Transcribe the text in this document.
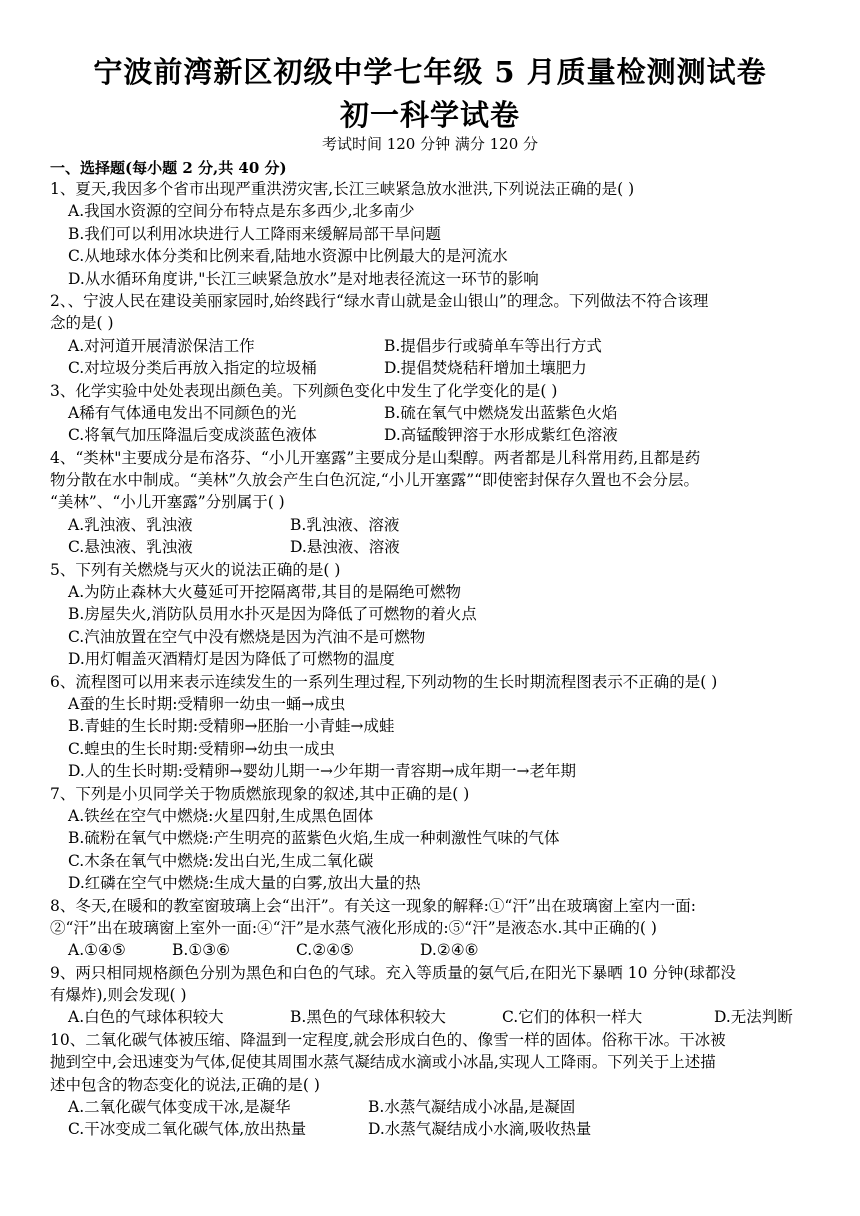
宁波前湾新区初级中学七年级 5 月质量检测测试卷
初一科学试卷
考试时间 120 分钟 满分 120 分
一、选择题(每小题 2 分,共 40 分)
1、夏天,我因多个省市出现严重洪涝灾害,长江三峡紧急放水泄洪,下列说法正确的是( )
A.我国水资源的空间分布特点是东多西少,北多南少
B.我们可以利用冰块进行人工降雨来缓解局部干旱问题
C.从地球水体分类和比例来看,陆地水资源中比例最大的是河流水
D.从水循环角度讲,"长江三峡紧急放水”是对地表径流这一环节的影响
2、、宁波人民在建设美丽家园时,始终践行“绿水青山就是金山银山”的理念。下列做法不符合该理
念的是( )
A.对河道开展清淤保洁工作	B.提倡步行或骑单车等出行方式
C.对垃圾分类后再放入指定的垃圾桶	D.提倡焚烧秸秆增加土壤肥力
3、化学实验中处处表现出颜色美。下列颜色变化中发生了化学变化的是( )
A稀有气体通电发出不同颜色的光	B.硫在氧气中燃烧发出蓝紫色火焰
C.将氧气加压降温后变成淡蓝色液体	D.高锰酸钾溶于水形成紫红色溶液
4、“类林"主要成分是布洛芬、“小儿开塞露”主要成分是山梨醇。两者都是儿科常用药,且都是药
物分散在水中制成。“美林”久放会产生白色沉淀,“小儿开塞露”“即使密封保存久置也不会分层。
“美林”、“小儿开塞露”分别属于( )
A.乳浊液、乳浊液	B.乳浊液、溶液
C.悬浊液、乳浊液	D.悬浊液、溶液
5、下列有关燃烧与灭火的说法正确的是( )
A.为防止森林大火蔓延可开挖隔离带,其目的是隔绝可燃物
B.房屋失火,消防队员用水扑灭是因为降低了可燃物的着火点
C.汽油放置在空气中没有燃烧是因为汽油不是可燃物
D.用灯帽盖灭酒精灯是因为降低了可燃物的温度
6、流程图可以用来表示连续发生的一系列生理过程,下列动物的生长时期流程图表示不正确的是( )
A蚕的生长时期:受精卵一幼虫一蛹→成虫
B.青蛙的生长时期:受精卵→胚胎一小青蛙→成蛙
C.蝗虫的生长时期:受精卵→幼虫一成虫
D.人的生长时期:受精卵→婴幼儿期一→少年期一青容期→成年期一→老年期
7、下列是小贝同学关于物质燃旅现象的叙述,其中正确的是( )
A.铁丝在空气中燃烧:火星四射,生成黑色固体
B.硫粉在氧气中燃烧:产生明亮的蓝紫色火焰,生成一种刺激性气味的气体
C.木条在氧气中燃烧:发出白光,生成二氧化碳
D.红磷在空气中燃烧:生成大量的白雾,放出大量的热
8、冬天,在暖和的教室窗玻璃上会“出汗”。有关这一现象的解释:①“汗”出在玻璃窗上室内一面:
②“汗”出在玻璃窗上室外一面:④“汗”是水蒸气液化形成的:⑤“汗”是液态水.其中正确的( )
A.①④⑤	B.①③⑥	C.②④⑤	D.②④⑥
9、两只相同规格颜色分别为黑色和白色的气球。充入等质量的氨气后,在阳光下暴晒 10 分钟(球都没
有爆炸),则会发现( )
A.白色的气球体积较大	B.黑色的气球体积较大	C.它们的体积一样大	D.无法判断
10、二氧化碳气体被压缩、降温到一定程度,就会形成白色的、像雪一样的固体。俗称干冰。干冰被
抛到空中,会迅速变为气体,促使其周围水蒸气凝结成水滴或小冰晶,实现人工降雨。下列关于上述描
述中包含的物态变化的说法,正确的是( )
A.二氧化碳气体变成干冰,是凝华	B.水蒸气凝结成小冰晶,是凝固
C.干冰变成二氧化碳气体,放出热量	D.水蒸气凝结成小水滴,吸收热量
